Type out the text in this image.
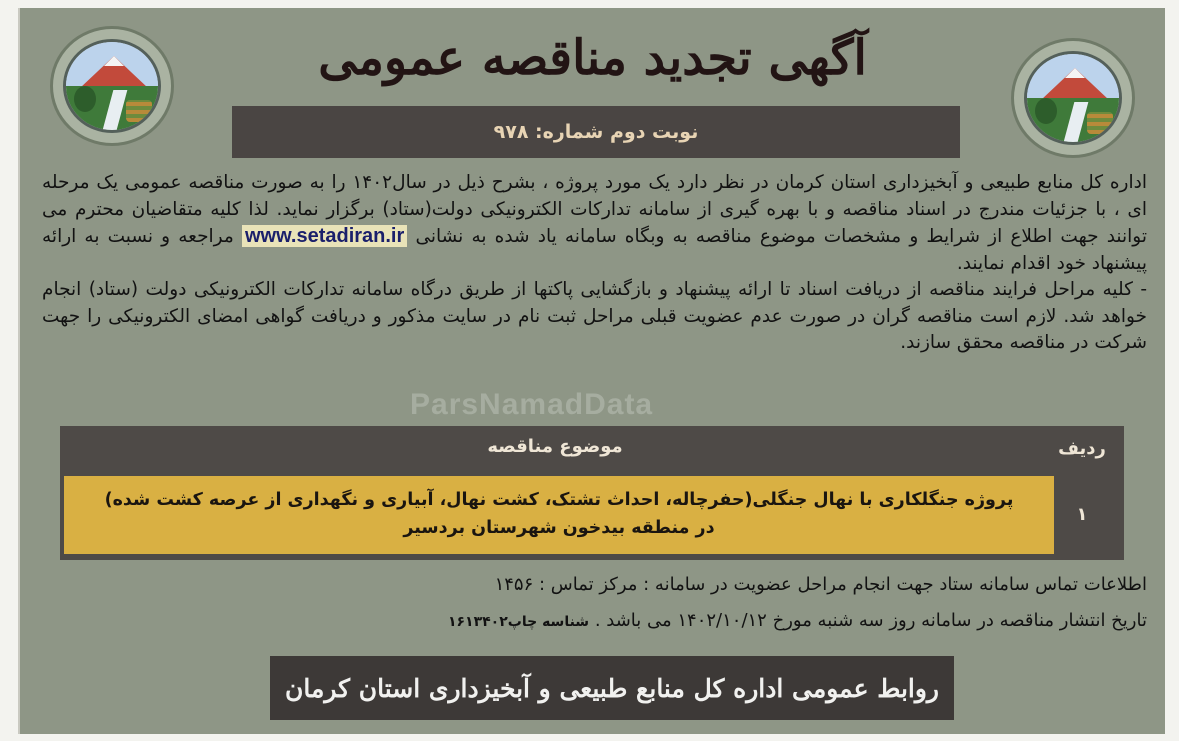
آگهی تجدید مناقصه عمومی
نوبت دوم شماره: ۹۷۸

اداره کل منابع طبیعی و آبخیزداری استان کرمان در نظر دارد یک مورد پروژه ، بشرح ذیل در سال۱۴۰۲ را به صورت مناقصه عمومی یک مرحله ای ، با جزئیات مندرج در اسناد مناقصه و با بهره گیری از سامانه تدارکات الکترونیکی دولت(ستاد) برگزار نماید. لذا کلیه متقاضیان محترم می توانند جهت اطلاع از شرایط و مشخصات موضوع مناقصه به وبگاه سامانه یاد شده به نشانی www.setadiran.ir مراجعه و نسبت به ارائه پیشنهاد خود اقدام نمایند.

- کلیه مراحل فرایند مناقصه از دریافت اسناد تا ارائه پیشنهاد و بازگشایی پاکتها از طریق درگاه سامانه تدارکات الکترونیکی دولت (ستاد) انجام خواهد شد. لازم است مناقصه گران در صورت عدم عضویت قبلی مراحل ثبت نام در سایت مذکور و دریافت گواهی امضای الکترونیکی را جهت شرکت در مناقصه محقق سازند.

ParsNamadData
موضوع مناقصه	ردیف
پروژه جنگلکاری با نهال جنگلی(حفرچاله، احداث تشتک، کشت نهال، آبیاری و نگهداری از عرصه کشت شده)
در منطقه بیدخون شهرستان بردسیر
۱
اطلاعات تماس سامانه ستاد جهت انجام مراحل عضویت در سامانه : مرکز تماس : ۱۴۵۶
تاریخ انتشار مناقصه در سامانه روز سه شنبه مورخ ۱۴۰۲/۱۰/۱۲ می باشد . شناسه چاپ۱۶۱۳۴۰۲
روابط عمومی اداره کل منابع طبیعی و آبخیزداری استان کرمان
